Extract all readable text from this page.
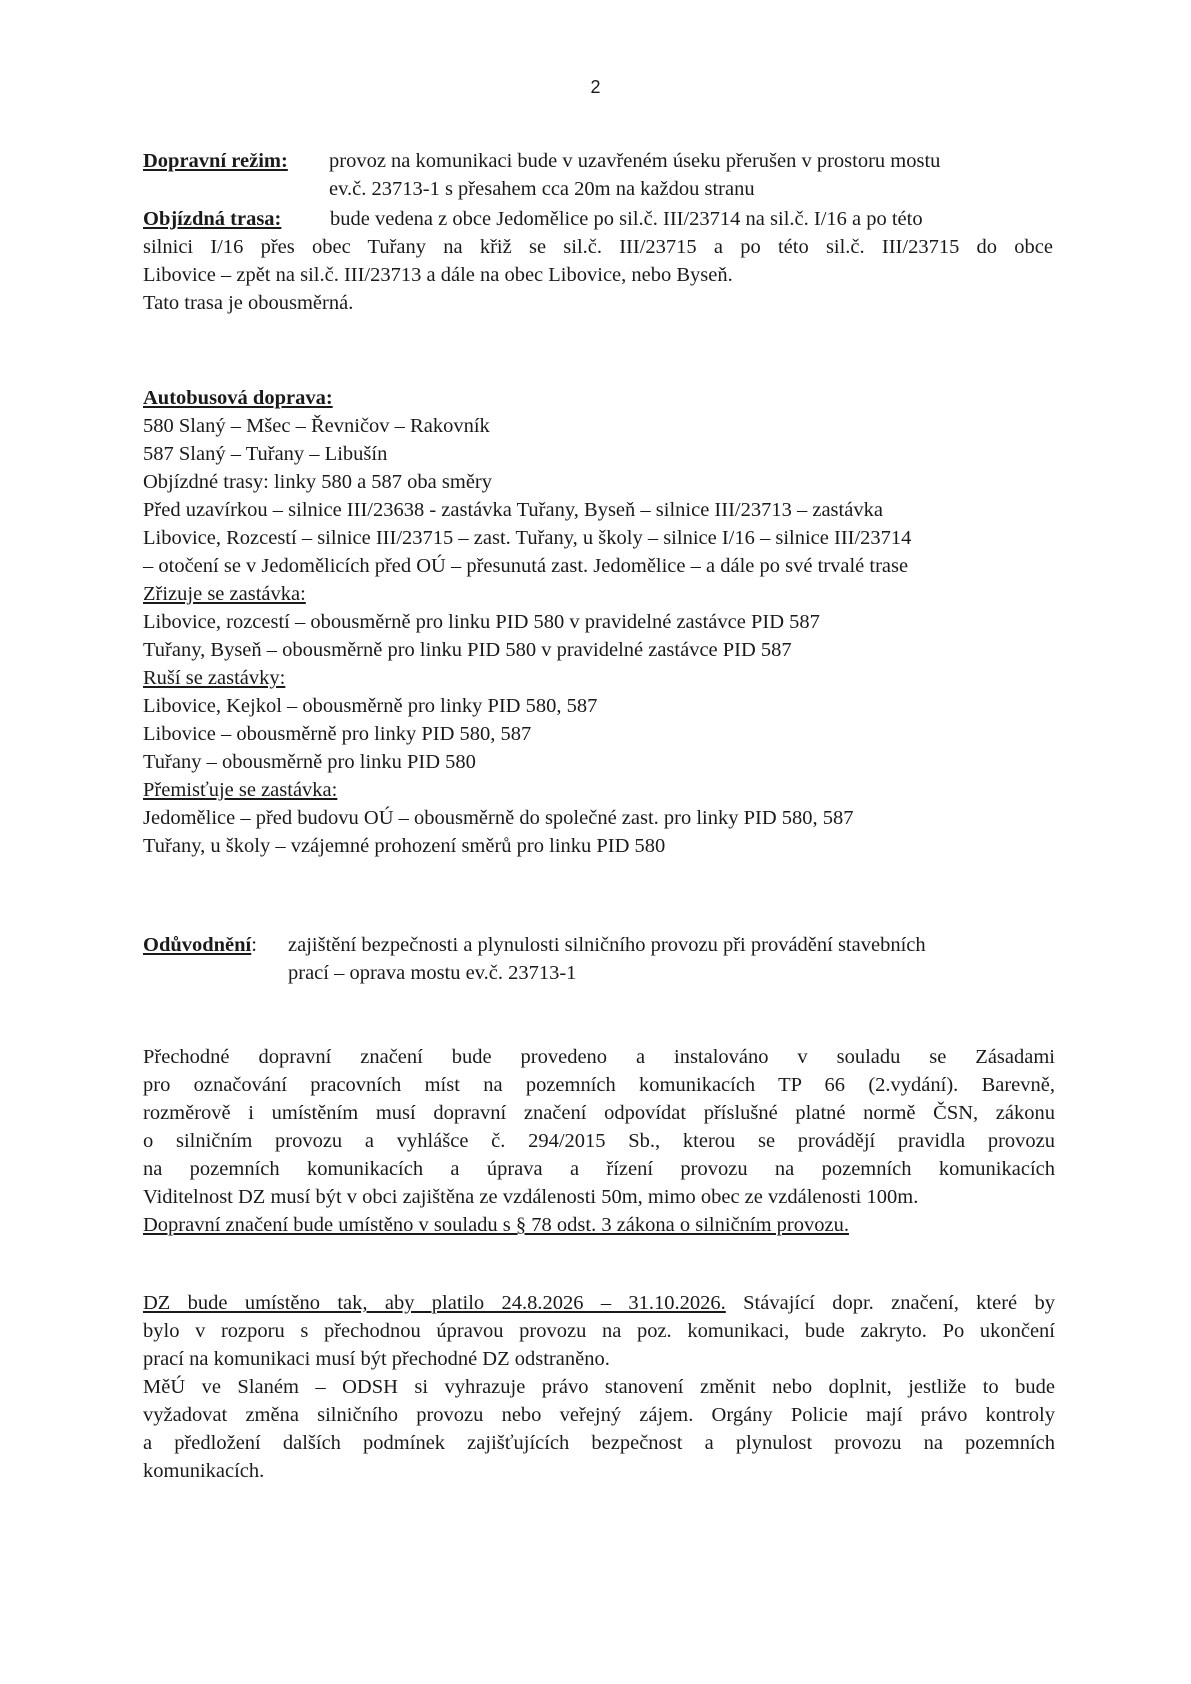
2
Dopravní režim: provoz na komunikaci bude v uzavřeném úseku přerušen v prostoru mostu
ev.č. 23713-1 s přesahem cca 20m na každou stranu
Objízdná trasa: bude vedena z obce Jedomělice po sil.č. III/23714 na sil.č. I/16 a po této
silnici I/16 přes obec Tuřany na křiž se sil.č. III/23715 a po této sil.č. III/23715 do obce
Libovice – zpět na sil.č. III/23713 a dále na obec Libovice, nebo Byseň.
Tato trasa je obousměrná.
Autobusová doprava:
580 Slaný – Mšec – Řevničov – Rakovník
587 Slaný – Tuřany – Libušín
Objízdné trasy: linky 580 a 587 oba směry
Před uzavírkou – silnice III/23638 - zastávka Tuřany, Byseň – silnice III/23713 – zastávka
Libovice, Rozcestí – silnice III/23715 – zast. Tuřany, u školy – silnice I/16 – silnice III/23714
– otočení se v Jedomělicích před OÚ – přesunutá zast. Jedomělice – a dále po své trvalé trase
Zřizuje se zastávka:
Libovice, rozcestí – obousměrně pro linku PID 580 v pravidelné zastávce PID 587
Tuřany, Byseň – obousměrně pro linku PID 580 v pravidelné zastávce PID 587
Ruší se zastávky:
Libovice, Kejkol – obousměrně pro linky PID 580, 587
Libovice – obousměrně pro linky PID 580, 587
Tuřany – obousměrně pro linku PID 580
Přemisťuje se zastávka:
Jedomělice – před budovu OÚ – obousměrně do společné zast. pro linky PID 580, 587
Tuřany, u školy – vzájemné prohození směrů pro linku PID 580
Odůvodnění: zajištění bezpečnosti a plynulosti silničního provozu při provádění stavebních
prací – oprava mostu ev.č. 23713-1
Přechodné dopravní značení bude provedeno a instalováno v souladu se Zásadami
pro označování pracovních míst na pozemních komunikacích TP 66 (2.vydání). Barevně,
rozměrově i umístěním musí dopravní značení odpovídat příslušné platné normě ČSN, zákonu
o silničním provozu a vyhlášce č. 294/2015 Sb., kterou se provádějí pravidla provozu
na pozemních komunikacích a úprava a řízení provozu na pozemních komunikacích
Viditelnost DZ musí být v obci zajištěna ze vzdálenosti 50m, mimo obec ze vzdálenosti 100m.
Dopravní značení bude umístěno v souladu s § 78 odst. 3 zákona o silničním provozu.
DZ bude umístěno tak, aby platilo 24.8.2026 – 31.10.2026. Stávající dopr. značení, které by
bylo v rozporu s přechodnou úpravou provozu na poz. komunikaci, bude zakryto. Po ukončení
prací na komunikaci musí být přechodné DZ odstraněno.
MěÚ ve Slaném – ODSH si vyhrazuje právo stanovení změnit nebo doplnit, jestliže to bude
vyžadovat změna silničního provozu nebo veřejný zájem. Orgány Policie mají právo kontroly
a předložení dalších podmínek zajišťujících bezpečnost a plynulost provozu na pozemních
komunikacích.
